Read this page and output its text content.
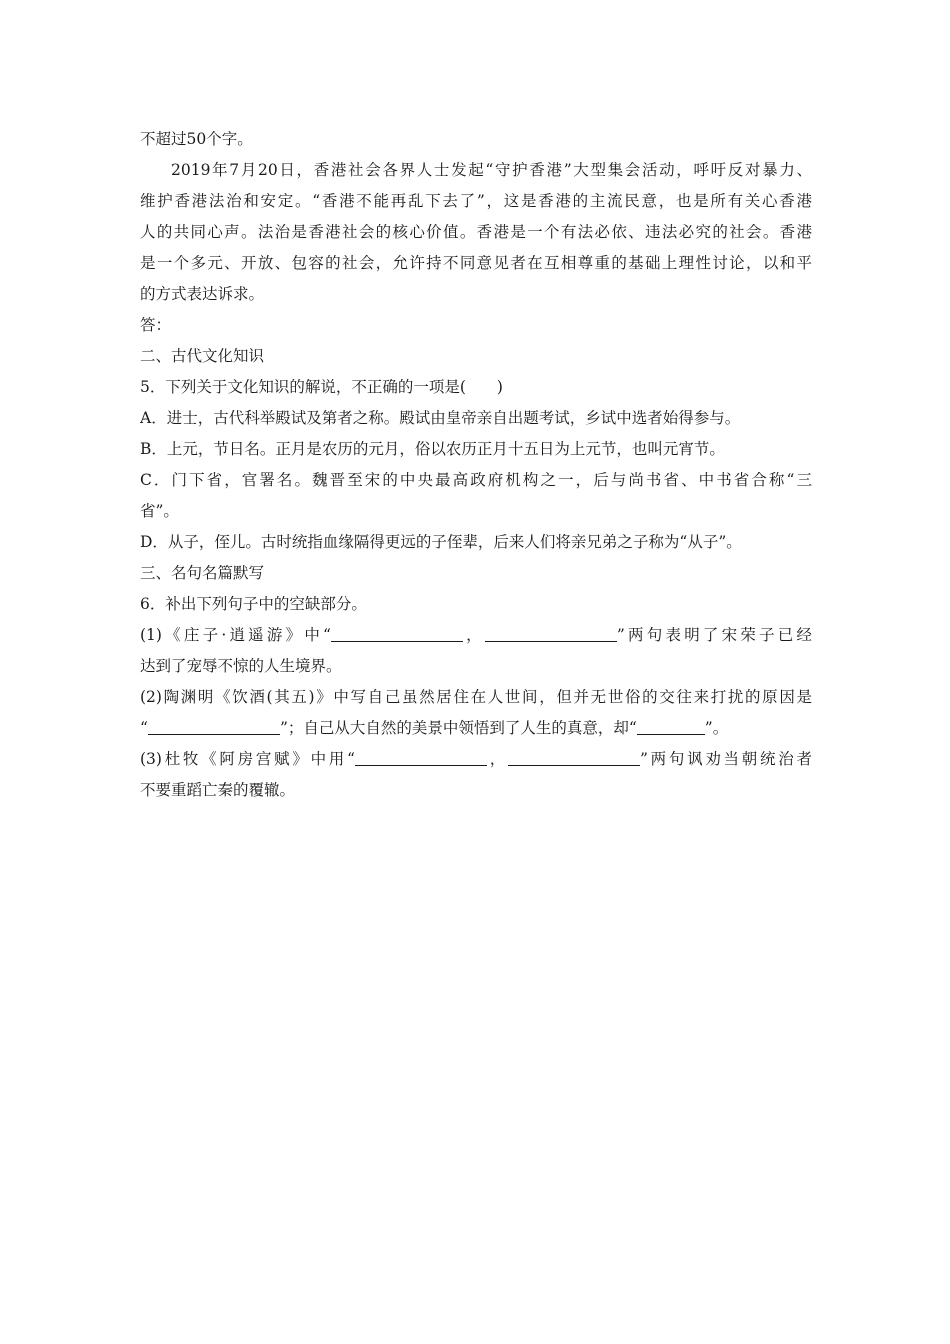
不超过50个字。
2019年7月20日，香港社会各界人士发起“守护香港”大型集会活动，呼吁反对暴力、
维护香港法治和安定。“香港不能再乱下去了”，这是香港的主流民意，也是所有关心香港
人的共同心声。法治是香港社会的核心价值。香港是一个有法必依、违法必究的社会。香港
是一个多元、开放、包容的社会，允许持不同意见者在互相尊重的基础上理性讨论，以和平
的方式表达诉求。
答：
二、古代文化知识
5．下列关于文化知识的解说，不正确的一项是(　　)
A．进士，古代科举殿试及第者之称。殿试由皇帝亲自出题考试，乡试中选者始得参与。
B．上元，节日名。正月是农历的元月，俗以农历正月十五日为上元节，也叫元宵节。
C．门下省，官署名。魏晋至宋的中央最高政府机构之一，后与尚书省、中书省合称“三
省”。
D．从子，侄儿。古时统指血缘隔得更远的子侄辈，后来人们将亲兄弟之子称为“从子”。
三、名句名篇默写
6．补出下列句子中的空缺部分。
(1)《庄子·逍遥游》中“	，	”两句表明了宋荣子已经
达到了宠辱不惊的人生境界。
(2)陶渊明《饮酒(其五)》中写自己虽然居住在人世间，但并无世俗的交往来打扰的原因是
“	”；自己从大自然的美景中领悟到了人生的真意，却“	”。
(3)杜牧《阿房宫赋》中用“	，	”两句讽劝当朝统治者
不要重蹈亡秦的覆辙。
